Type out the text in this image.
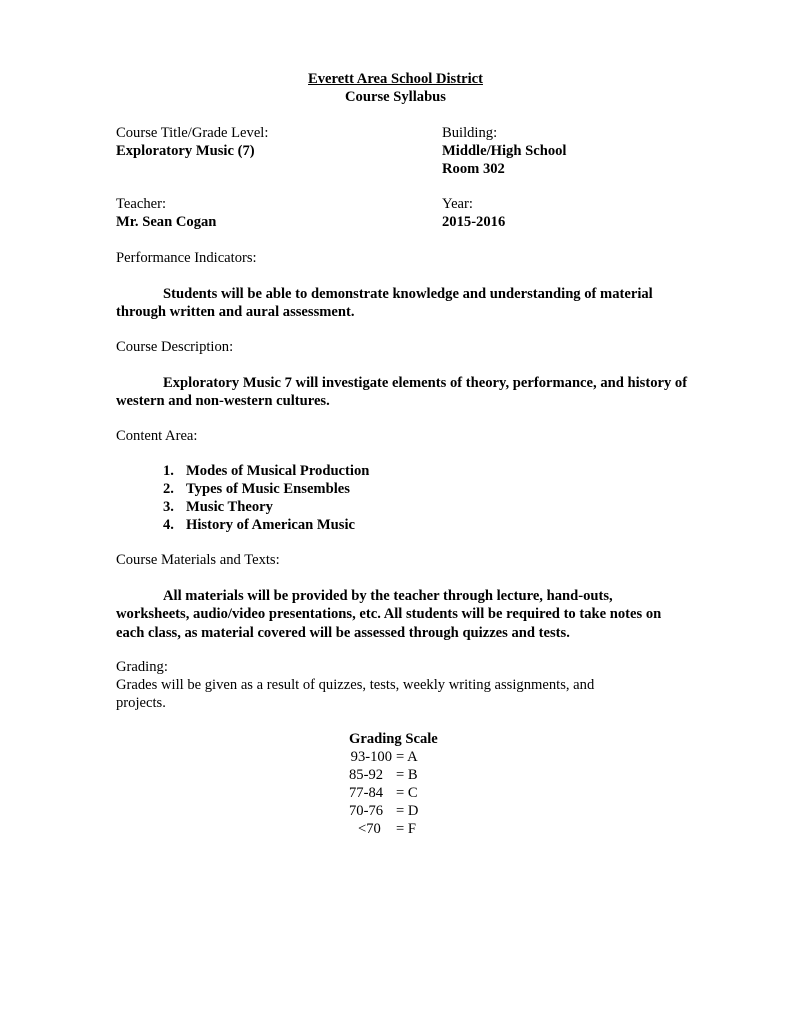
Everett Area School District
Course Syllabus
Course Title/Grade Level:
Exploratory Music (7)
Building:
Middle/High School
Room 302
Teacher:
Mr. Sean Cogan
Year:
2015-2016
Performance Indicators:
Students will be able to demonstrate knowledge and understanding of material through written and aural assessment.
Course Description:
Exploratory Music 7 will investigate elements of theory, performance, and history of western and non-western cultures.
Content Area:
1. Modes of Musical Production
2. Types of Music Ensembles
3. Music Theory
4. History of American Music
Course Materials and Texts:
All materials will be provided by the teacher through lecture, hand-outs, worksheets, audio/video presentations, etc. All students will be required to take notes on each class, as material covered will be assessed through quizzes and tests.
Grading:
Grades will be given as a result of quizzes, tests, weekly writing assignments, and projects.
Grading Scale
93-100 = A
85-92 = B
77-84 = C
70-76 = D
<70	= F
